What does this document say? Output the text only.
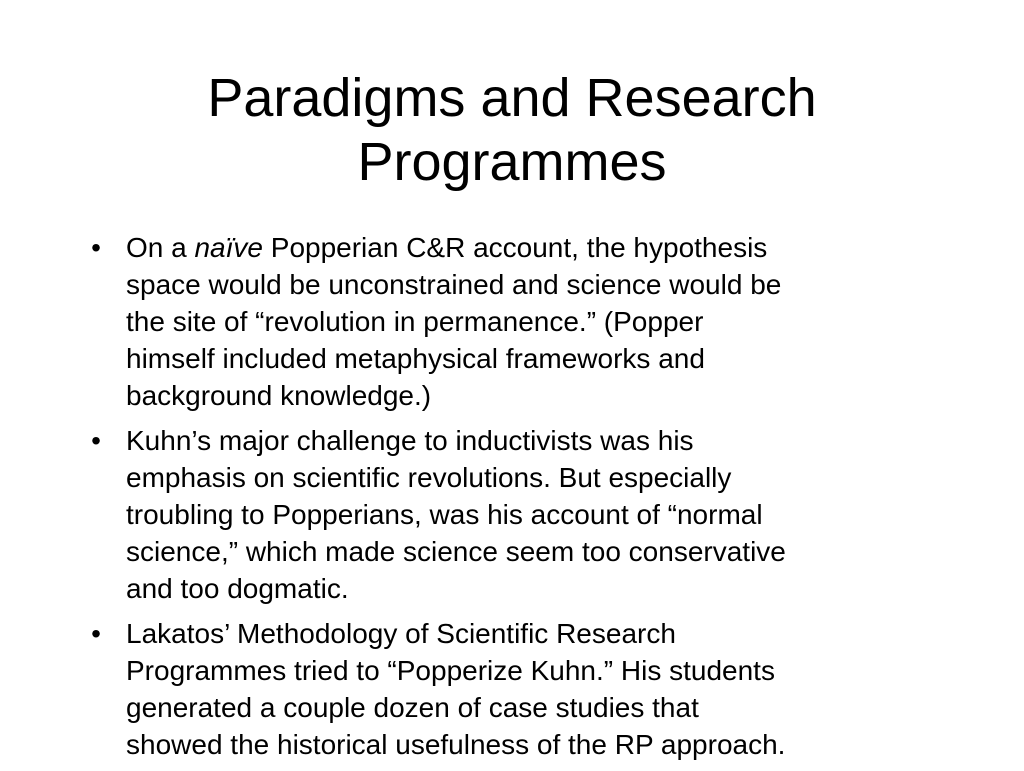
Paradigms and Research
Programmes
• On a naïve Popperian C&R account, the hypothesis
space would be unconstrained and science would be
the site of “revolution in permanence.” (Popper
himself included metaphysical frameworks and
background knowledge.)
• Kuhn’s major challenge to inductivists was his
emphasis on scientific revolutions. But especially
troubling to Popperians, was his account of “normal
science,” which made science seem too conservative
and too dogmatic.
• Lakatos’ Methodology of Scientific Research
Programmes tried to “Popperize Kuhn.” His students
generated a couple dozen of case studies that
showed the historical usefulness of the RP approach.
